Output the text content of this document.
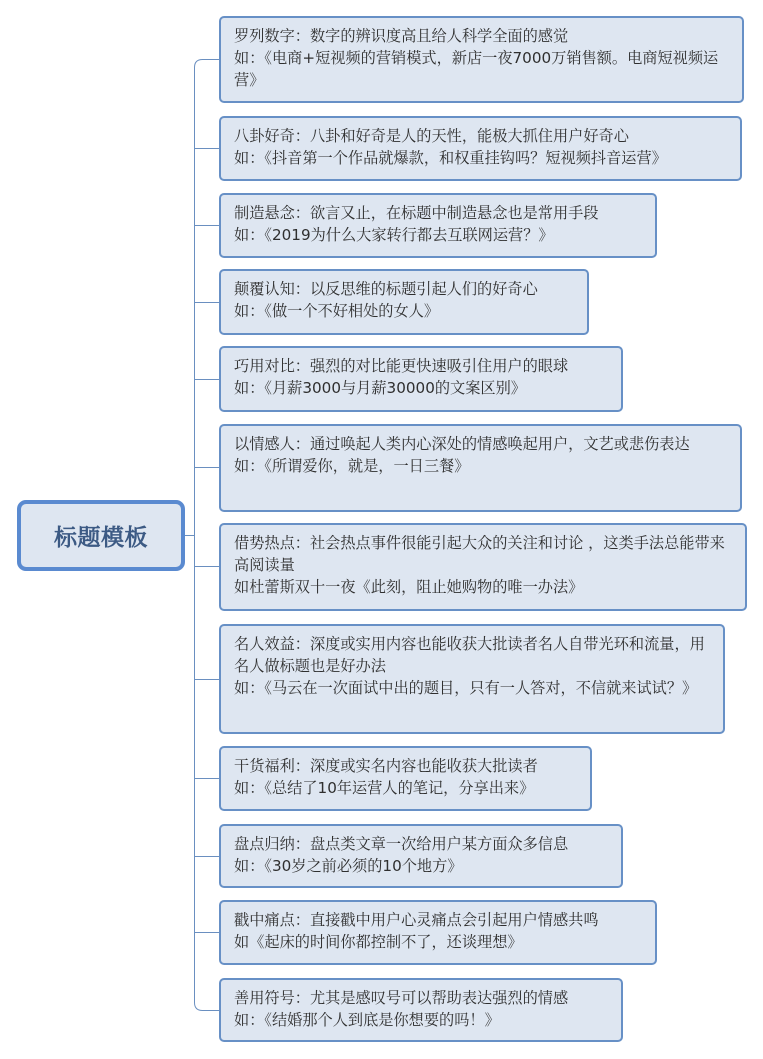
标题模板
罗列数字：数字的辨识度高且给人科学全面的感觉
如：《电商+短视频的营销模式，新店一夜7000万销售额。电商短视频运营》
八卦好奇：八卦和好奇是人的天性，能极大抓住用户好奇心
如：《抖音第一个作品就爆款，和权重挂钩吗？短视频抖音运营》
制造悬念：欲言又止，在标题中制造悬念也是常用手段
如：《2019为什么大家转行都去互联网运营？》
颠覆认知：以反思维的标题引起人们的好奇心
如：《做一个不好相处的女人》
巧用对比：强烈的对比能更快速吸引住用户的眼球
如：《月薪3000与月薪30000的文案区别》
以情感人：通过唤起人类内心深处的情感唤起用户，文艺或悲伤表达
如：《所谓爱你，就是，一日三餐》
借势热点：社会热点事件很能引起大众的关注和讨论 ，这类手法总能带来高阅读量
如杜蕾斯双十一夜《此刻，阻止她购物的唯一办法》
名人效益：深度或实用内容也能收获大批读者名人自带光环和流量，用名人做标题也是好办法
如：《马云在一次面试中出的题目，只有一人答对，不信就来试试？》
干货福利：深度或实名内容也能收获大批读者
如：《总结了10年运营人的笔记，分享出来》
盘点归纳：盘点类文章一次给用户某方面众多信息
如：《30岁之前必须的10个地方》
戳中痛点：直接戳中用户心灵痛点会引起用户情感共鸣
如《起床的时间你都控制不了，还谈理想》
善用符号：尤其是感叹号可以帮助表达强烈的情感
如：《结婚那个人到底是你想要的吗！》
